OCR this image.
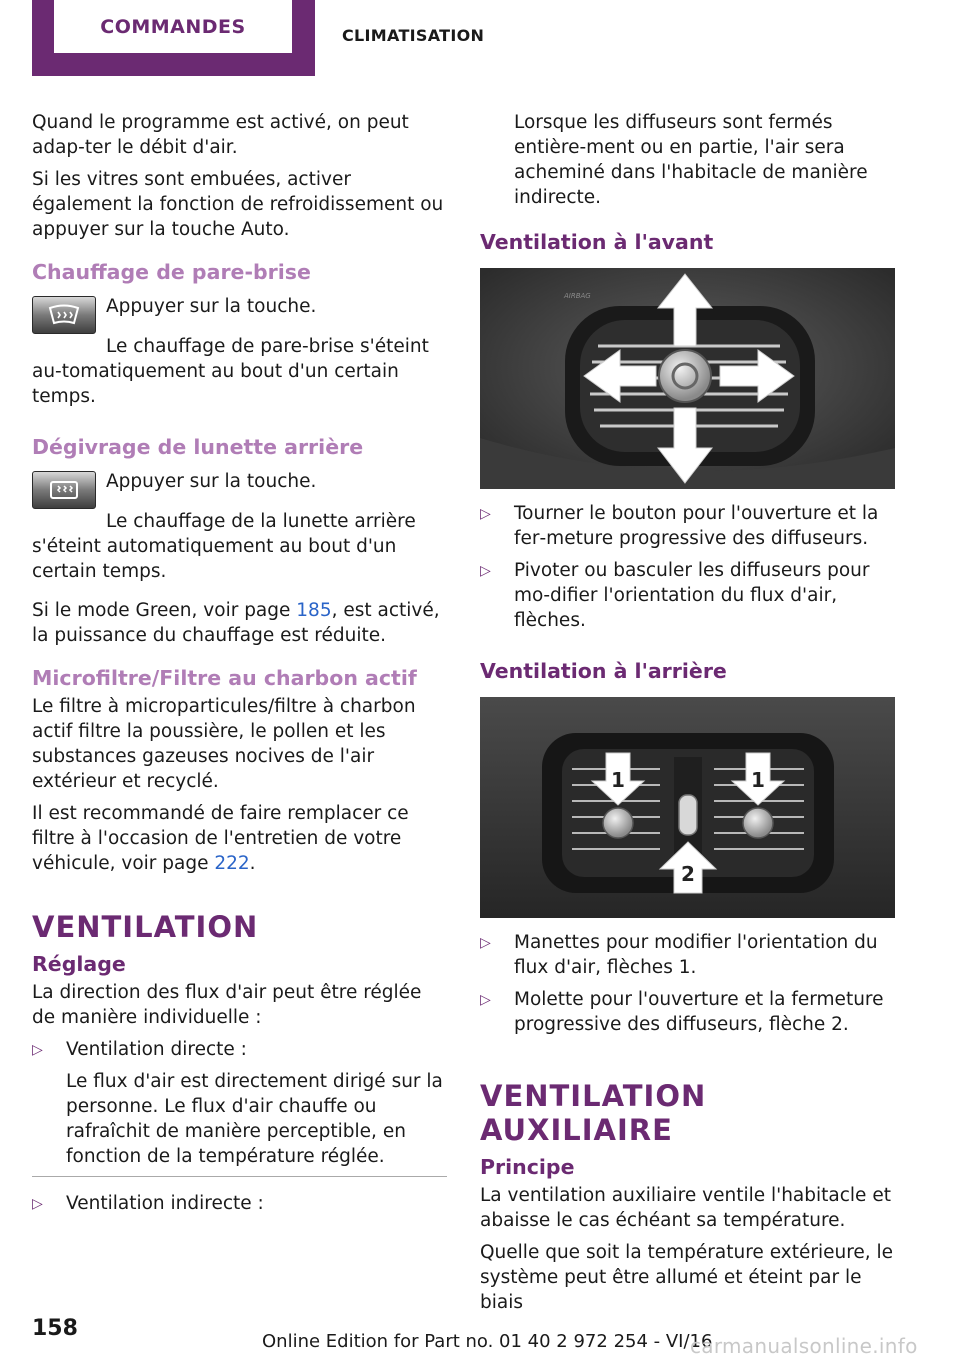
COMMANDES	CLIMATISATION

Quand le programme est activé, on peut adap‐ter le débit d'air.

Si les vitres sont embuées, activer également la fonction de refroidissement ou appuyer sur la touche Auto.

Chauffage de pare-brise

Appuyer sur la touche.

Le chauffage de pare-brise s'éteint au‐tomatiquement au bout d'un certain temps.

Dégivrage de lunette arrière

Appuyer sur la touche.

Le chauffage de la lunette arrière s'éteint automatiquement au bout d'un certain temps.

Si le mode Green, voir page 185, est activé, la puissance du chauffage est réduite.

Microfiltre/Filtre au charbon actif

Le filtre à microparticules/filtre à charbon actif filtre la poussière, le pollen et les substances gazeuses nocives de l'air extérieur et recyclé.

Il est recommandé de faire remplacer ce filtre à l'occasion de l'entretien de votre véhicule, voir page 222.

VENTILATION
Réglage

La direction des flux d'air peut être réglée de manière individuelle :

▷ Ventilation directe :

Le flux d'air est directement dirigé sur la personne. Le flux d'air chauffe ou rafraîchit de manière perceptible, en fonction de la température réglée.

▷ Ventilation indirecte :

Lorsque les diffuseurs sont fermés entière‐ment ou en partie, l'air sera acheminé dans l'habitacle de manière indirecte.

Ventilation à l'avant
AIRBAG
▷ Tourner le bouton pour l'ouverture et la fer‐meture progressive des diffuseurs.
▷ Pivoter ou basculer les diffuseurs pour mo‐difier l'orientation du flux d'air, flèches.
Ventilation à l'arrière
1	1
2
▷ Manettes pour modifier l'orientation du flux d'air, flèches 1.
▷ Molette pour l'ouverture et la fermeture progressive des diffuseurs, flèche 2.
VENTILATION AUXILIAIRE
Principe

La ventilation auxiliaire ventile l'habitacle et abaisse le cas échéant sa température.

Quelle que soit la température extérieure, le système peut être allumé et éteint par le biais

158
Online Edition for Part no. 01 40 2 972 254 - VI/16
carmanualsonline.info
